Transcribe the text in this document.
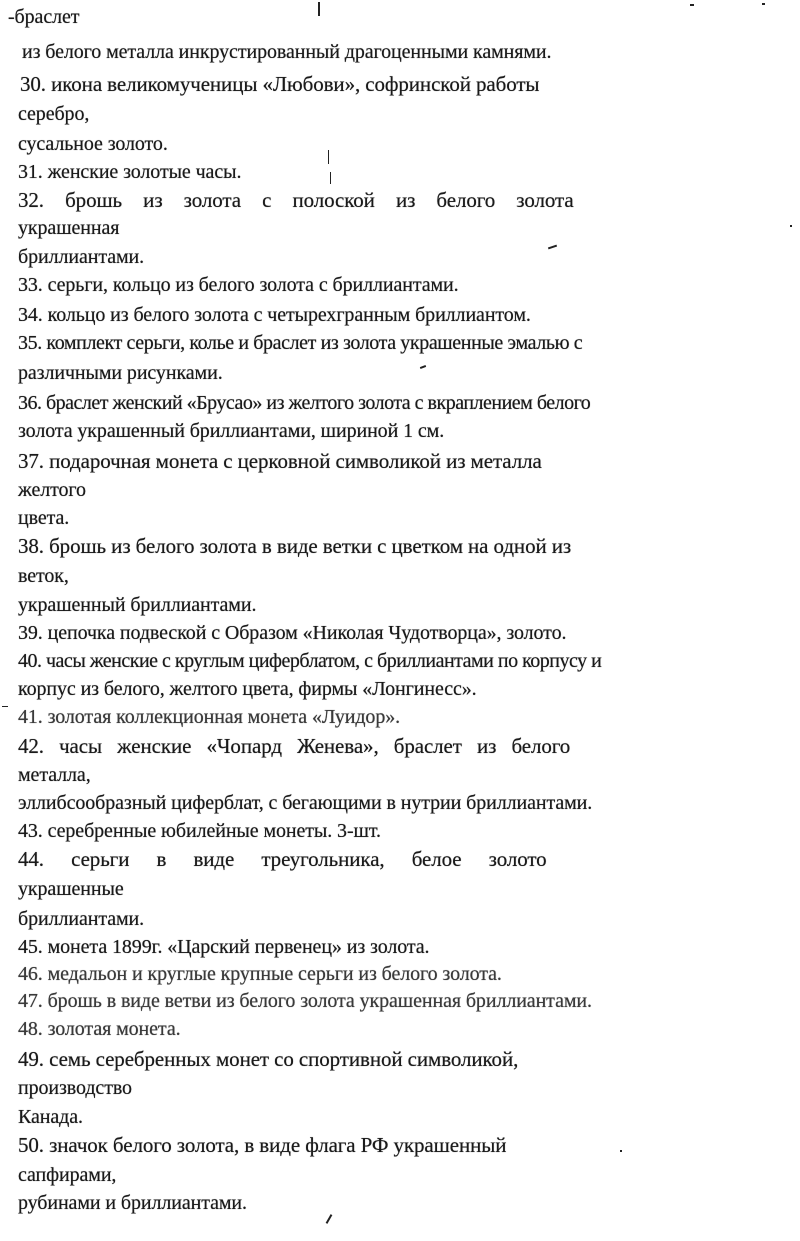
-браслет

из белого металла инкрустированный драгоценными камнями.

30. икона великомученицы «Любови», софринской работы

серебро,

сусальное золото.

31. женские золотые часы.

32. брошь из золота с полоской из белого золота

украшенная

бриллиантами.

33. серьги, кольцо из белого золота с бриллиантами.

34. кольцо из белого золота с четырехгранным бриллиантом.

35. комплект серьги, колье и браслет из золота украшенные эмалью с

различными рисунками.

36. браслет женский «Брусао» из желтого золота с вкраплением белого

золота украшенный бриллиантами, шириной 1 см.

37. подарочная монета с церковной символикой из металла

желтого

цвета.

38. брошь из белого золота в виде ветки с цветком на одной из

веток,

украшенный бриллиантами.

39. цепочка подвеской с Образом «Николая Чудотворца», золото.

40. часы женские с круглым циферблатом, с бриллиантами по корпусу и

корпус из белого, желтого цвета, фирмы «Лонгинесс».

41. золотая коллекционная монета «Луидор».

42. часы женские «Чопард Женева», браслет из белого

металла,

эллибсообразный циферблат, с бегающими в нутрии бриллиантами.

43. серебренные юбилейные монеты. 3-шт.

44. серьги в виде треугольника, белое золото

украшенные

бриллиантами.

45. монета 1899г. «Царский первенец» из золота.

46. медальон и круглые крупные серьги из белого золота.

47. брошь в виде ветви из белого золота украшенная бриллиантами.

48. золотая монета.

49. семь серебренных монет со спортивной символикой,

производство

Канада.

50. значок белого золота, в виде флага РФ украшенный

сапфирами,

рубинами и бриллиантами.
